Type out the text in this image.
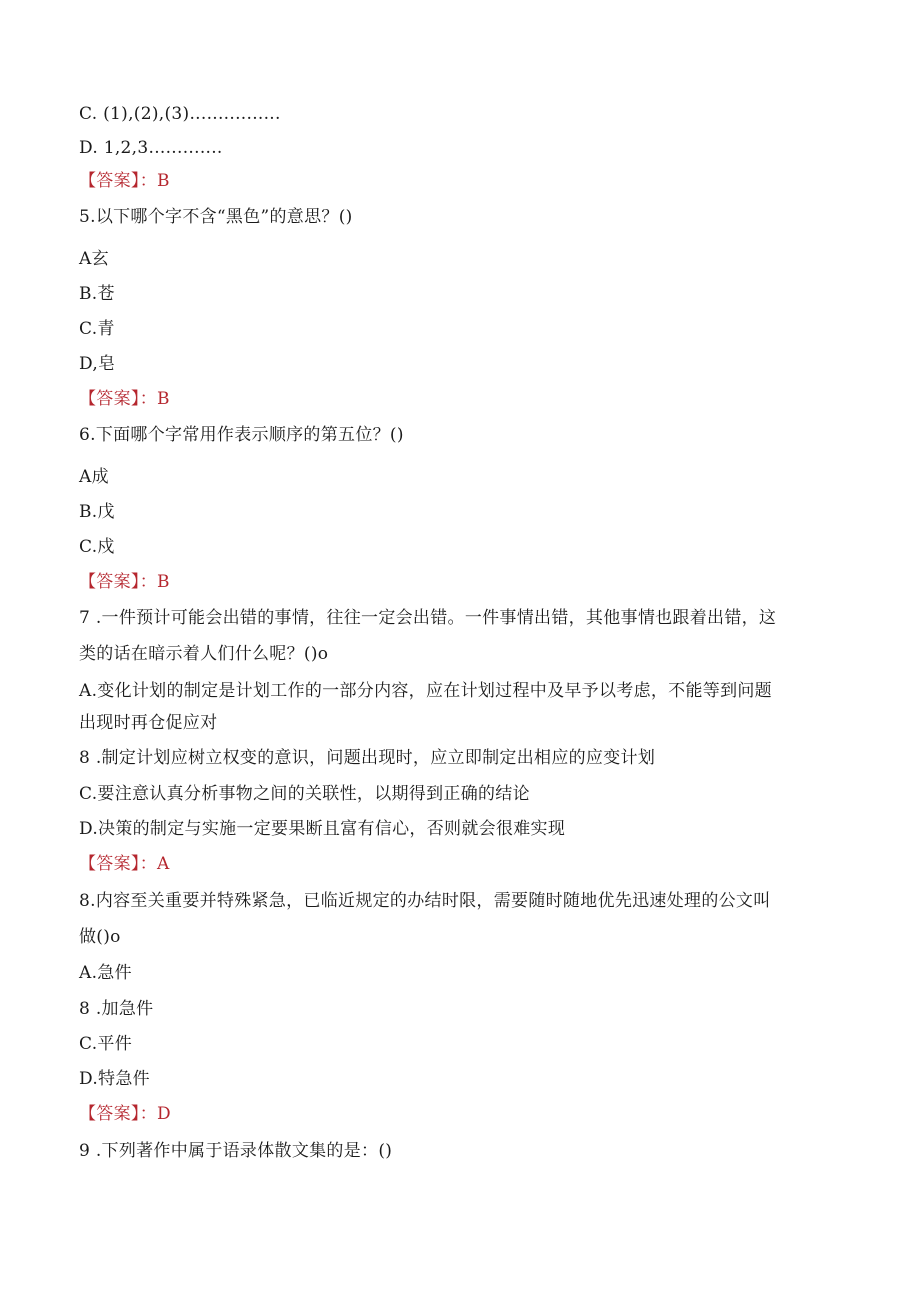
C. (1),(2),(3)................
D. 1,2,3.............
【答案】：B
5.以下哪个字不含“黑色”的意思？()
A玄
B.苍
C.青
D,皂
【答案】：B
6.下面哪个字常用作表示顺序的第五位？()
A成
B.戊
C.戍
【答案】：B
7 .一件预计可能会出错的事情，往往一定会出错。一件事情出错，其他事情也跟着出错，这
类的话在暗示着人们什么呢？()o
A.变化计划的制定是计划工作的一部分内容，应在计划过程中及早予以考虑，不能等到问题
出现时再仓促应对
8 .制定计划应树立权变的意识，问题出现时，应立即制定出相应的应变计划
C.要注意认真分析事物之间的关联性，以期得到正确的结论
D.决策的制定与实施一定要果断且富有信心，否则就会很难实现
【答案】：A
8.内容至关重要并特殊紧急，已临近规定的办结时限，需要随时随地优先迅速处理的公文叫
做()o
A.急件
8 .加急件
C.平件
D.特急件
【答案】：D
9 .下列著作中属于语录体散文集的是：()
